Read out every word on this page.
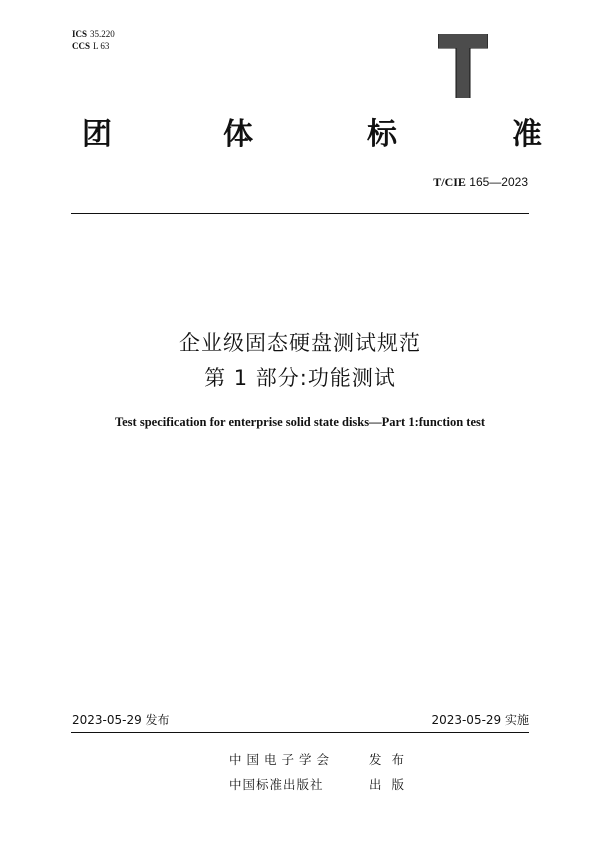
ICS 35.220
CCS L 63
团	体	标	准
T/CIE 165—2023
企业级固态硬盘测试规范
第 1 部分:功能测试
Test specification for enterprise solid state disks—Part 1:function test
2023-05-29 发布	2023-05-29 实施
中国电子学会	发布
中国标准出版社	出版
